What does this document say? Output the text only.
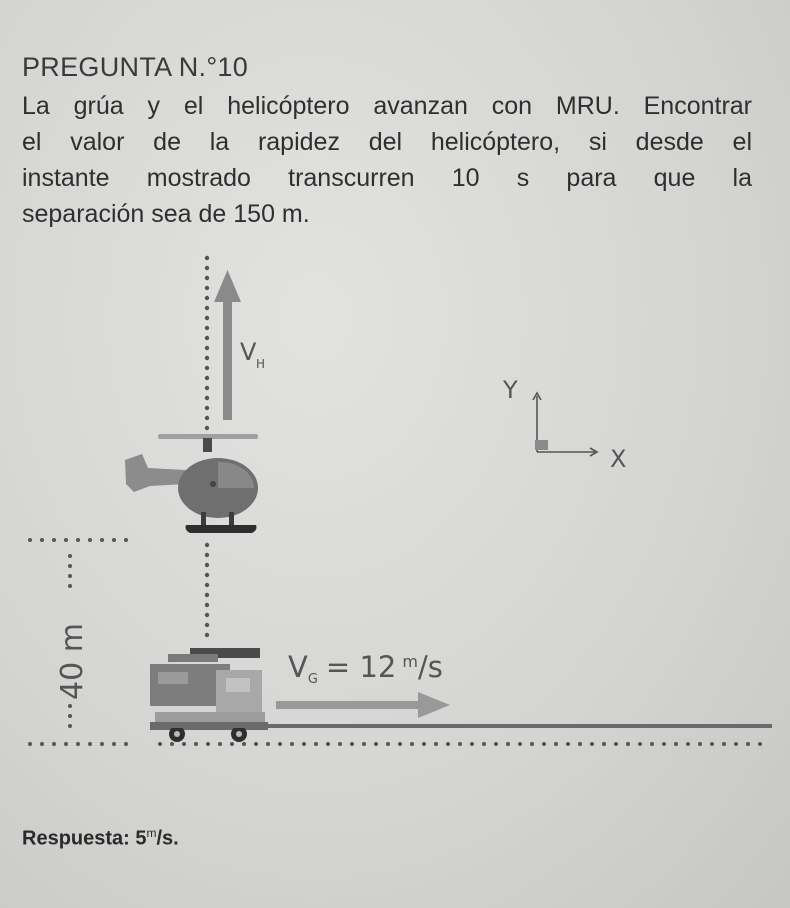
PREGUNTA N.°10
La grúa y el helicóptero avanzan con MRU. Encontrar
el valor de la rapidez del helicóptero, si desde el
instante mostrado transcurren 10 s para que la
separación sea de 150 m.
V H
Y
X
40 m	$V_G = 12$ $^m$/s
Respuesta: 5$^m$/s.
